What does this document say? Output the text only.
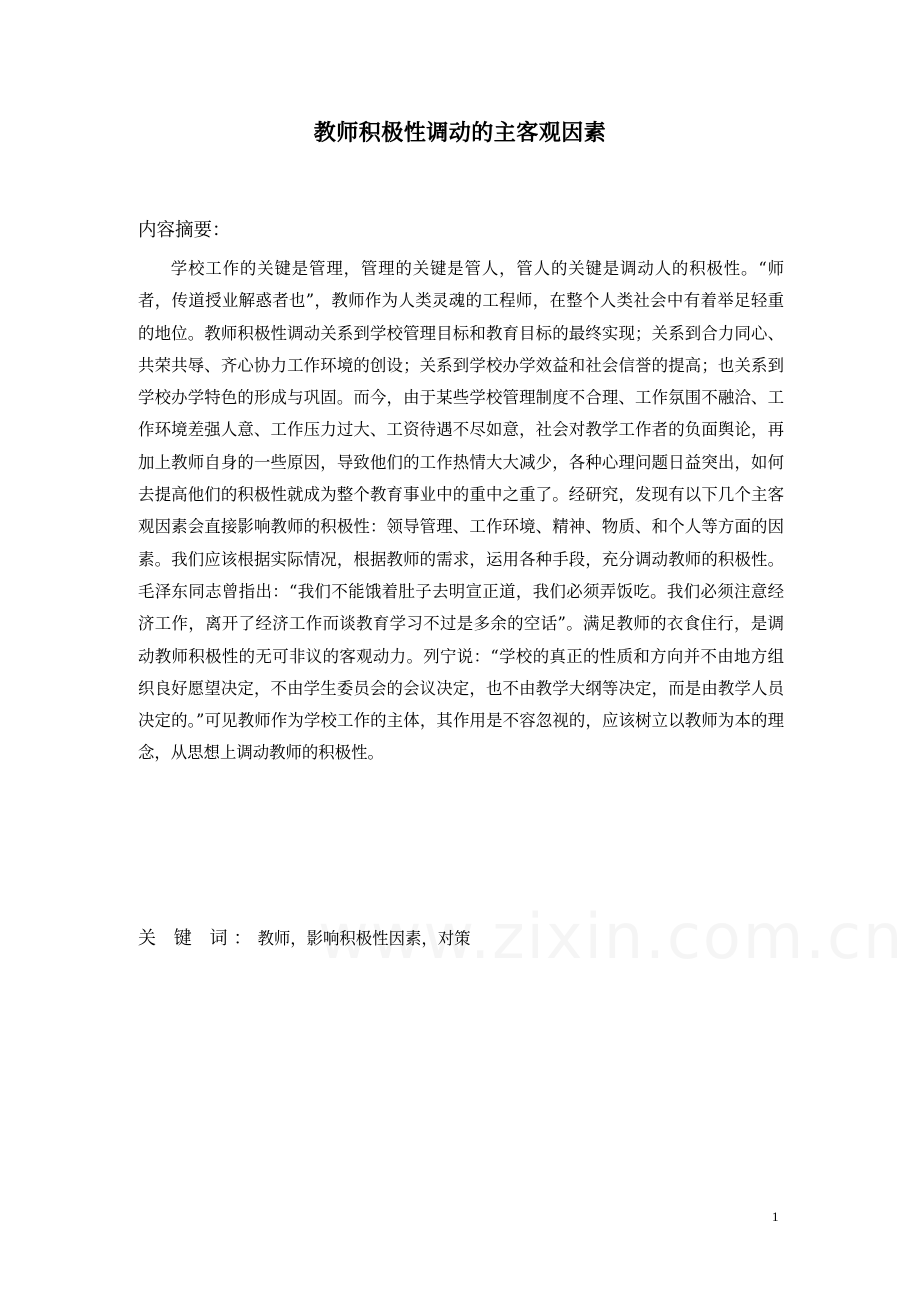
教师积极性调动的主客观因素
内容摘要：

学校工作的关键是管理，管理的关键是管人，管人的关键是调动人的积极性。“师者，传道授业解惑者也”，教师作为人类灵魂的工程师，在整个人类社会中有着举足轻重的地位。教师积极性调动关系到学校管理目标和教育目标的最终实现；关系到合力同心、共荣共辱、齐心协力工作环境的创设；关系到学校办学效益和社会信誉的提高；也关系到学校办学特色的形成与巩固。而今，由于某些学校管理制度不合理、工作氛围不融洽、工作环境差强人意、工作压力过大、工资待遇不尽如意，社会对教学工作者的负面舆论，再加上教师自身的一些原因，导致他们的工作热情大大减少，各种心理问题日益突出，如何去提高他们的积极性就成为整个教育事业中的重中之重了。经研究，发现有以下几个主客观因素会直接影响教师的积极性：领导管理、工作环境、精神、物质、和个人等方面的因素。我们应该根据实际情况，根据教师的需求，运用各种手段，充分调动教师的积极性。毛泽东同志曾指出：“我们不能饿着肚子去明宣正道，我们必须弄饭吃。我们必须注意经济工作，离开了经济工作而谈教育学习不过是多余的空话”。满足教师的衣食住行，是调动教师积极性的无可非议的客观动力。列宁说：“学校的真正的性质和方向并不由地方组织良好愿望决定，不由学生委员会的会议决定，也不由教学大纲等决定，而是由教学人员决定的。”可见教师作为学校工作的主体，其作用是不容忽视的，应该树立以教师为本的理念，从思想上调动教师的积极性。

关 键 词：教师，影响积极性因素，对策
1
